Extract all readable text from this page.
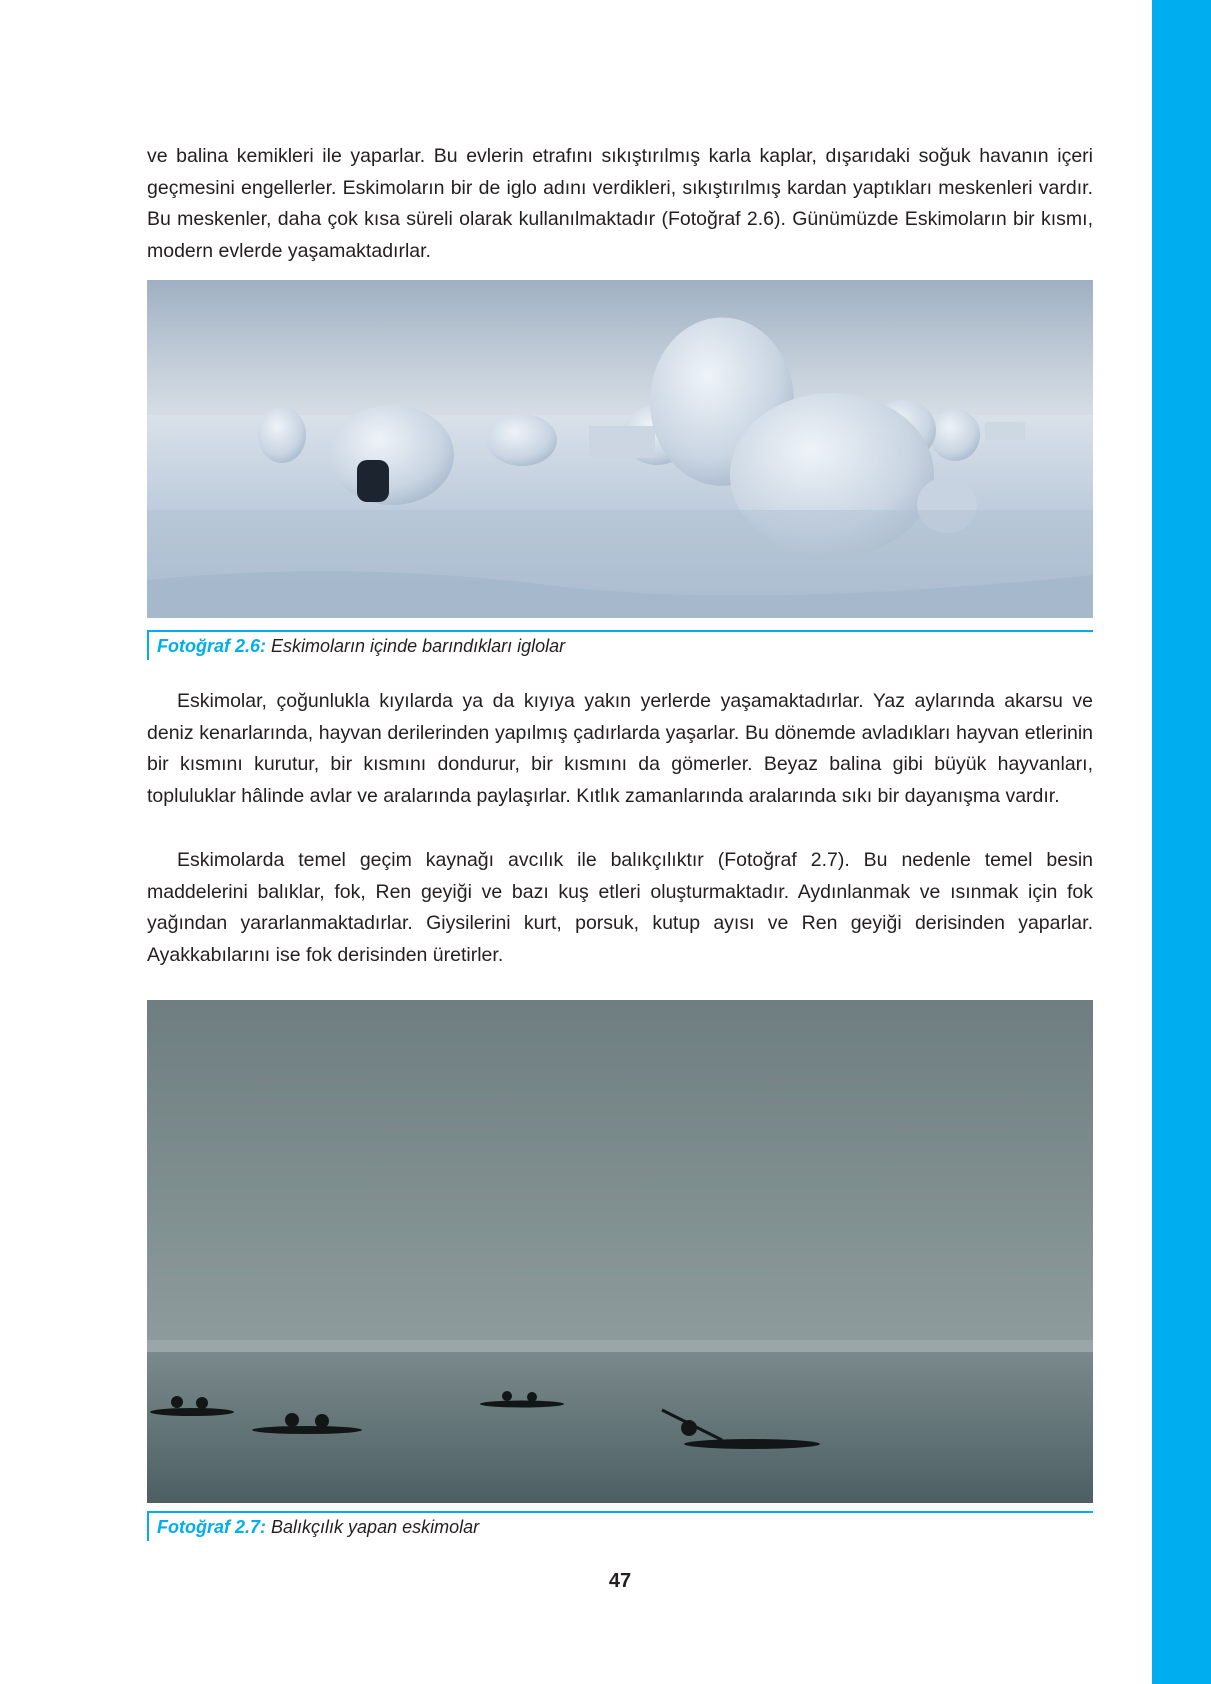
ve balina kemikleri ile yaparlar. Bu evlerin etrafını sıkıştırılmış karla kaplar, dışarıdaki soğuk havanın içeri geçmesini engellerler. Eskimoların bir de iglo adını verdikleri, sıkıştırılmış kardan yaptıkları meskenleri vardır. Bu meskenler, daha çok kısa süreli olarak kullanılmaktadır (Fotoğraf 2.6). Günümüzde Eskimoların bir kısmı, modern evlerde yaşamaktadırlar.

Fotoğraf 2.6: Eskimoların içinde barındıkları iglolar

Eskimolar, çoğunlukla kıyılarda ya da kıyıya yakın yerlerde yaşamaktadırlar. Yaz aylarında akarsu ve deniz kenarlarında, hayvan derilerinden yapılmış çadırlarda yaşarlar. Bu dönemde avladıkları hayvan etlerinin bir kısmını kurutur, bir kısmını dondurur, bir kısmını da gömerler. Beyaz balina gibi büyük hayvanları, topluluklar hâlinde avlar ve aralarında paylaşırlar. Kıtlık zamanlarında aralarında sıkı bir dayanışma vardır.

Eskimolarda temel geçim kaynağı avcılık ile balıkçılıktır (Fotoğraf 2.7). Bu nedenle temel besin maddelerini balıklar, fok, Ren geyiği ve bazı kuş etleri oluşturmaktadır. Aydınlanmak ve ısınmak için fok yağından yararlanmaktadırlar. Giysilerini kurt, porsuk, kutup ayısı ve Ren geyiği derisinden yaparlar. Ayakkabılarını ise fok derisinden üretirler.

Fotoğraf 2.7: Balıkçılık yapan eskimolar
47
